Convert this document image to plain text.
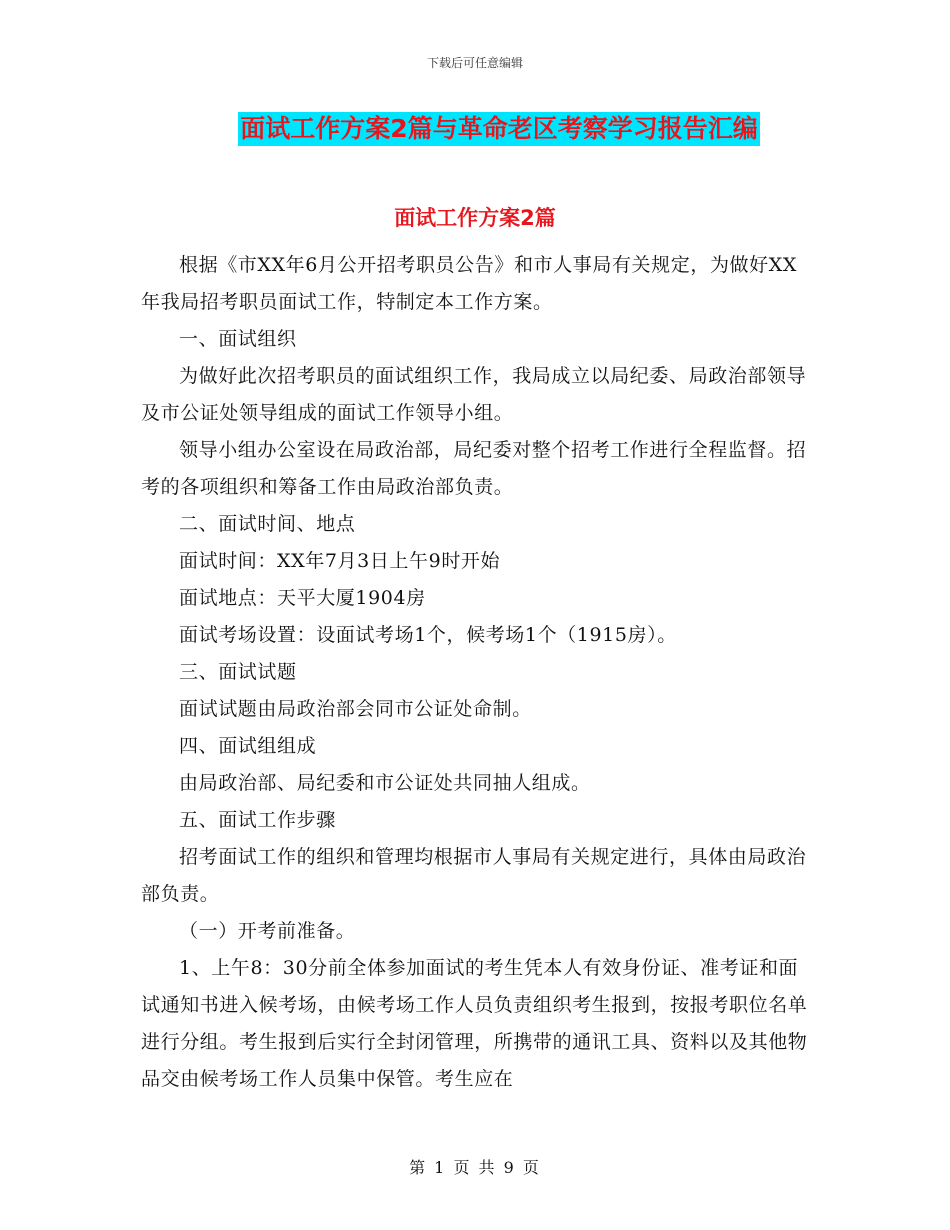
下载后可任意编辑
面试工作方案2篇与革命老区考察学习报告汇编
面试工作方案2篇

根据《市XX年6月公开招考职员公告》和市人事局有关规定，为做好XX年我局招考职员面试工作，特制定本工作方案。

一、面试组织

为做好此次招考职员的面试组织工作，我局成立以局纪委、局政治部领导及市公证处领导组成的面试工作领导小组。

领导小组办公室设在局政治部，局纪委对整个招考工作进行全程监督。招考的各项组织和筹备工作由局政治部负责。

二、面试时间、地点

面试时间：XX年7月3日上午9时开始

面试地点：天平大厦1904房

面试考场设置：设面试考场1个，候考场1个（1915房）。

三、面试试题

面试试题由局政治部会同市公证处命制。

四、面试组组成

由局政治部、局纪委和市公证处共同抽人组成。

五、面试工作步骤

招考面试工作的组织和管理均根据市人事局有关规定进行，具体由局政治部负责。

（一）开考前准备。

1、上午8：30分前全体参加面试的考生凭本人有效身份证、准考证和面试通知书进入候考场，由候考场工作人员负责组织考生报到，按报考职位名单进行分组。考生报到后实行全封闭管理，所携带的通讯工具、资料以及其他物品交由候考场工作人员集中保管。考生应在

第 1 页 共 9 页
